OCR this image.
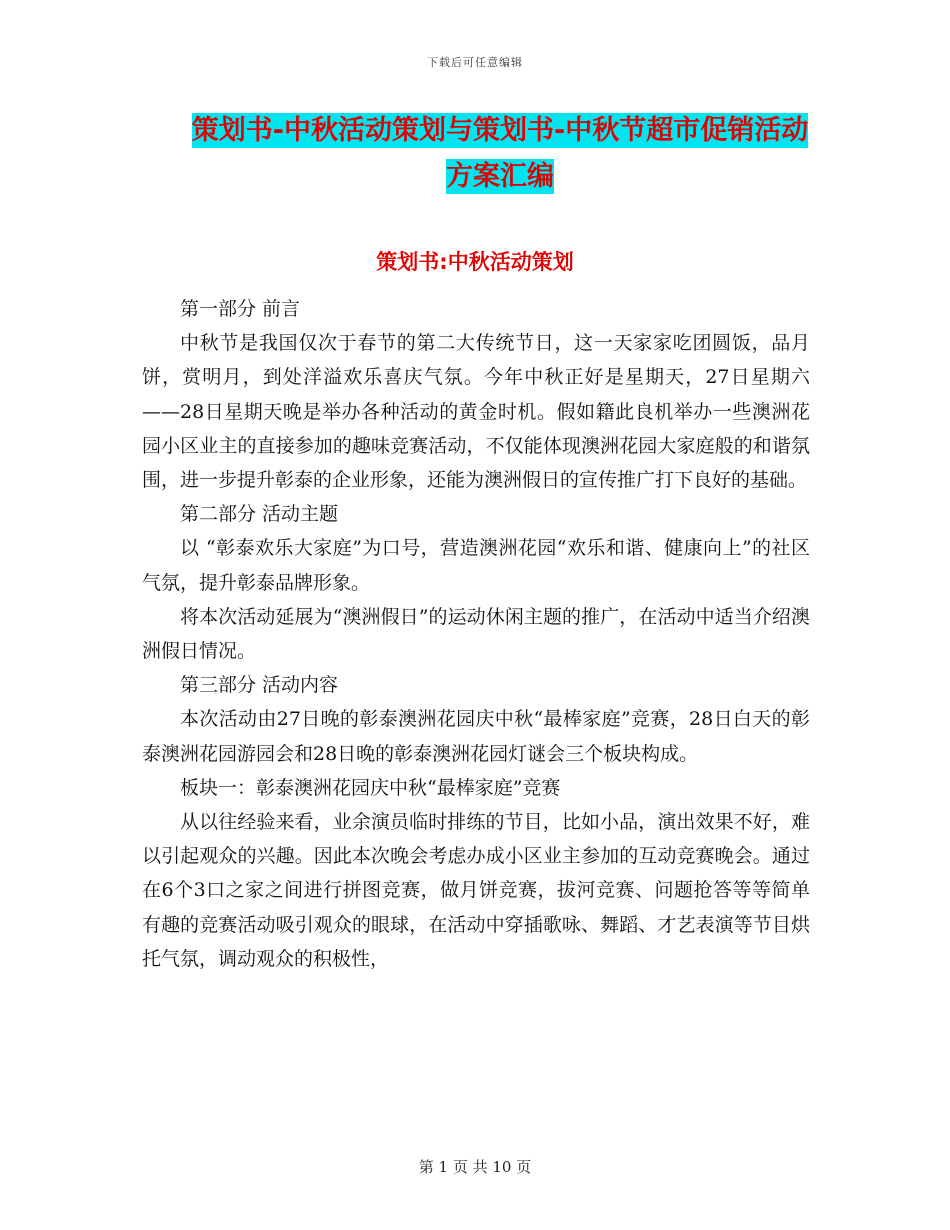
下载后可任意编辑
策划书-中秋活动策划与策划书-中秋节超市促销活动
方案汇编
策划书:中秋活动策划

第一部分 前言

中秋节是我国仅次于春节的第二大传统节日，这一天家家吃团圆饭，品月饼，赏明月，到处洋溢欢乐喜庆气氛。今年中秋正好是星期天，27日星期六——28日星期天晚是举办各种活动的黄金时机。假如籍此良机举办一些澳洲花园小区业主的直接参加的趣味竞赛活动，不仅能体现澳洲花园大家庭般的和谐氛围，进一步提升彰泰的企业形象，还能为澳洲假日的宣传推广打下良好的基础。

第二部分 活动主题

以 “彰泰欢乐大家庭”为口号，营造澳洲花园“欢乐和谐、健康向上”的社区气氛，提升彰泰品牌形象。

将本次活动延展为“澳洲假日”的运动休闲主题的推广，在活动中适当介绍澳洲假日情况。

第三部分 活动内容

本次活动由27日晚的彰泰澳洲花园庆中秋“最棒家庭”竞赛，28日白天的彰泰澳洲花园游园会和28日晚的彰泰澳洲花园灯谜会三个板块构成。

板块一：彰泰澳洲花园庆中秋“最棒家庭”竞赛

从以往经验来看，业余演员临时排练的节目，比如小品，演出效果不好，难以引起观众的兴趣。因此本次晚会考虑办成小区业主参加的互动竞赛晚会。通过在6个3口之家之间进行拼图竞赛，做月饼竞赛，拔河竞赛、问题抢答等等简单有趣的竞赛活动吸引观众的眼球，在活动中穿插歌咏、舞蹈、才艺表演等节目烘托气氛，调动观众的积极性，

第 1 页 共 10 页
